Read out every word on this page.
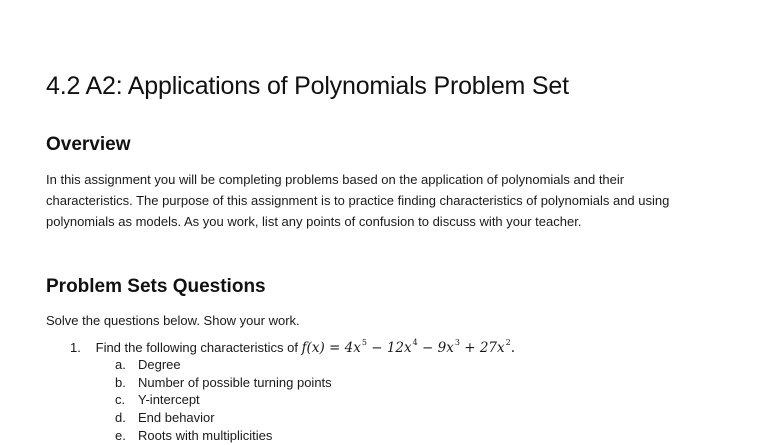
4.2 A2: Applications of Polynomials Problem Set
Overview

In this assignment you will be completing problems based on the application of polynomials and their
characteristics. The purpose of this assignment is to practice finding characteristics of polynomials and using
polynomials as models. As you work, list any points of confusion to discuss with your teacher.

Problem Sets Questions

Solve the questions below. Show your work.

1. Find the following characteristics of $f(x) = 4x^5 - 12x^4 - 9x^3 + 27x^2$.
a. Degree
b. Number of possible turning points
c. Y-intercept
d. End behavior
e. Roots with multiplicities
